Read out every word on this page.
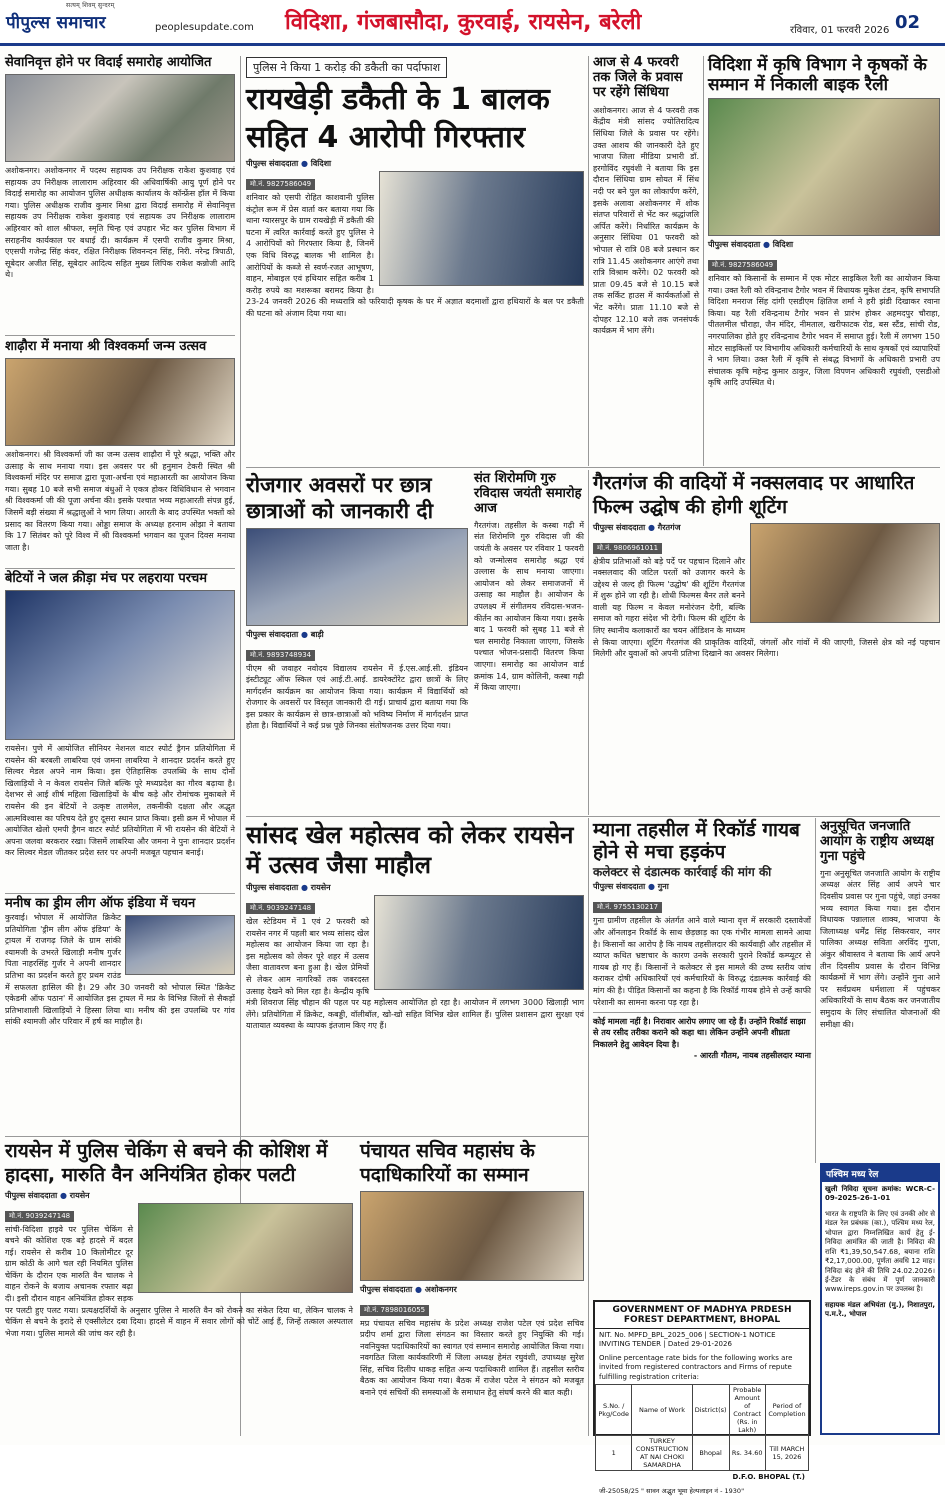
पीपुल्स समाचार
सत्यम् शिवम् सुन्दरम्
peoplesupdate.com विदिशा, गंजबासौदा, कुरवाई, रायसेन, बरेली	रविवार, 01 फरवरी 2026 02
सेवानिवृत्त होने पर विदाई समारोह आयोजित
अशोकनगर। अशोकनगर में पदस्थ सहायक उप निरीक्षक राकेश कुशवाह एवं सहायक उप निरीक्षक लालाराम अहिरवार की अधिवार्षिकी आयु पूर्ण होने पर विदाई समारोह का आयोजन पुलिस अधीक्षक कार्यालय के कॉन्फ्रेंस हॉल में किया गया। पुलिस अधीक्षक राजीव कुमार मिश्रा द्वारा विदाई समारोह में सेवानिवृत्त सहायक उप निरीक्षक राकेश कुशवाह एवं सहायक उप निरीक्षक लालाराम अहिरवार को शाल श्रीफल, स्मृति चिन्ह एवं उपहार भेंट कर पुलिस विभाग में सराहनीय कार्यकाल पर बधाई दी। कार्यक्रम में एसपी राजीव कुमार मिश्रा, एएसपी गजेन्द्र सिंह कंवर, रक्षित निरीक्षक शिवनन्दन सिंह, निरी. नरेन्द्र त्रिपाठी, सूबेदार अजीत सिंह, सूबेदार आदित्य सहित मुख्य लिपिक राकेश कन्नोजी आदि थे।
शाढ़ौरा में मनाया श्री विश्वकर्मा जन्म उत्सव
अशोकनगर। श्री विश्वकर्मा जी का जन्म उत्सव शाढ़ौरा में पूरे श्रद्धा, भक्ति और उत्साह के साथ मनाया गया। इस अवसर पर श्री हनुमान टेकरी स्थित श्री विश्वकर्मा मंदिर पर समाज द्वारा पूजा-अर्चना एवं महाआरती का आयोजन किया गया। सुबह 10 बजे सभी समाज बंधुओं ने एकत्र होकर विधिविधान से भगवान श्री विश्वकर्मा जी की पूजा अर्चना की। इसके पश्चात भव्य महाआरती संपन्न हुई, जिसमें बड़ी संख्या में श्रद्धालुओं ने भाग लिया। आरती के बाद उपस्थित भक्तों को प्रसाद का वितरण किया गया। ओड्डा समाज के अध्यक्ष हरनाम ओझा ने बताया कि 17 सितंबर को पूरे विश्व में श्री विश्वकर्मा भगवान का पूजन दिवस मनाया जाता है।
बेटियों ने जल क्रीड़ा मंच पर लहराया परचम
रायसेन। पुणे में आयोजित सीनियर नेशनल वाटर स्पोर्ट ड्रैगन प्रतियोगिता में रायसेन की बरबली लाबरिया एवं जमना लाबरिया ने शानदार प्रदर्शन करते हुए सिल्वर मेडल अपने नाम किया। इस ऐतिहासिक उपलब्धि के साथ दोनों खिलाड़ियों ने न केवल रायसेन जिले बल्कि पूरे मध्यप्रदेश का गौरव बढ़ाया है। देशभर से आई शीर्ष महिला खिलाड़ियों के बीच कड़े और रोमांचक मुकाबले में रायसेन की इन बेटियों ने उत्कृष्ट तालमेल, तकनीकी दक्षता और अद्भुत आत्मविश्वास का परिचय देते हुए दूसरा स्थान प्राप्त किया। इसी क्रम में भोपाल में आयोजित खेलो एमपी ड्रैगन वाटर स्पोर्ट प्रतियोगिता में भी रायसेन की बेटियों ने अपना जलवा बरकरार रखा। जिसमें लाबरिया और जमना ने पुनः शानदार प्रदर्शन कर सिल्वर मेडल जीतकर प्रदेश स्तर पर अपनी मजबूत पहचान बनाई।
मनीष का ड्रीम लीग ऑफ इंडिया में चयन
कुरवाई। भोपाल में आयोजित क्रिकेट प्रतियोगिता 'ड्रीम लीग ऑफ इंडिया' के ट्रायल में राजगढ़ जिले के ग्राम सांकी श्यामजी के उभरते खिलाड़ी मनीष गुर्जर पिता नाहरसिंह गुर्जर ने अपनी शानदार प्रतिभा का प्रदर्शन करते हुए प्रथम राउंड में सफलता हासिल की है। 29 और 30 जनवरी को भोपाल स्थित 'क्रिकेट एकेडमी ऑफ पठान' में आयोजित इस ट्रायल में मप्र के विभिन्न जिलों से सैकड़ों प्रतिभाशाली खिलाड़ियों ने हिस्सा लिया था। मनीष की इस उपलब्धि पर गांव सांकी श्यामजी और परिवार में हर्ष का माहौल है।
पुलिस ने किया 1 करोड़ की डकैती का पर्दाफाश
रायखेड़ी डकैती के 1 बालक सहित 4 आरोपी गिरफ्तार
पीपुल्स संवाददाता ● विदिशा
मो.नं. 9827586049
शनिवार को एसपी रोहित काशवानी पुलिस कंट्रोल रूम में प्रेस वार्ता कर बताया गया कि थाना ग्यारसपुर के ग्राम रायखेड़ी में डकैती की घटना में त्वरित कार्रवाई करते हुए पुलिस ने 4 आरोपियों को गिरफ्तार किया है, जिनमें एक विधि विरुद्ध बालक भी शामिल है। आरोपियों के कब्जे से स्वर्ण-रजत आभूषण, वाहन, मोबाइल एवं हथियार सहित करीब 1 करोड़ रुपये का मशरूका बरामद किया है। 23-24 जनवरी 2026 की मध्यरात्रि को फरियादी कृषक के घर में अज्ञात बदमाशों द्वारा हथियारों के बल पर डकैती की घटना को अंजाम दिया गया था।
आज से 4 फरवरी तक जिले के प्रवास पर रहेंगे सिंधिया
अशोकनगर। आज से 4 फरवरी तक केंद्रीय मंत्री सांसद ज्योतिरादित्य सिंधिया जिले के प्रवास पर रहेंगे। उक्त आशय की जानकारी देते हुए भाजपा जिला मीडिया प्रभारी डॉ. हरगोविंद रघुवंशी ने बताया कि इस दौरान सिंधिया ग्राम सोयत में सिंध नदी पर बने पुल का लोकार्पण करेंगे, इसके अलावा अशोकनगर में शोक संतप्त परिवारों से भेंट कर श्रद्धांजलि अर्पित करेंगे। निर्धारित कार्यक्रम के अनुसार सिंधिया 01 फरवरी को भोपाल से रात्रि 08 बजे प्रस्थान कर रात्रि 11.45 अशोकनगर आएंगे तथा रात्रि विश्राम करेंगे। 02 फरवरी को प्रातः 09.45 बजे से 10.15 बजे तक सर्किट हाउस में कार्यकर्ताओं से भेंट करेंगे। प्रातः 11.10 बजे से दोपहर 12.10 बजे तक जनसंपर्क कार्यक्रम में भाग लेंगे।
विदिशा में कृषि विभाग ने कृषकों के सम्मान में निकाली बाइक रैली
पीपुल्स संवाददाता ● विदिशा
मो.नं. 9827586049
शनिवार को किसानों के सम्मान में एक मोटर साइकिल रैली का आयोजन किया गया। उक्त रैली को रविन्द्रनाथ टैगोर भवन में विधायक मुकेश टंडन, कृषि सभापति विदिशा मनराज सिंह दांगी एसडीएम क्षितिज शर्मा ने हरी झंडी दिखाकर रवाना किया। यह रैली रविन्द्रनाथ टैगोर भवन से प्रारंभ होकर अहमदपुर चौराहा, पीतलमील चौराहा, जैन मंदिर, नीमताल, खरीफाटक रोड, बस स्टैंड, सांची रोड, नगरपालिका होते हुए रविन्द्रनाथ टैगोर भवन में समाप्त हुई। रैली में लगभग 150 मोटर साइकिलों पर विभागीय अधिकारी कर्मचारियों के साथ कृषकों एवं व्यापारियों ने भाग लिया। उक्त रैली में कृषि से संबद्ध विभागों के अधिकारी प्रभारी उप संचालक कृषि महेन्द्र कुमार ठाकुर, जिला विपणन अधिकारी रघुवंशी, एसडीओ कृषि आदि उपस्थित थे।
रोजगार अवसरों पर छात्र छात्राओं को जानकारी दी
पीपुल्स संवाददाता ● बाड़ी
मो.नं. 9893748934
पीएम श्री जवाहर नवोदय विद्यालय रायसेन में ई.एस.आई.सी. इंडियन इंस्टीट्यूट ऑफ स्किल एवं आई.टी.आई. डायरेक्टोरेट द्वारा छात्रों के लिए मार्गदर्शन कार्यक्रम का आयोजन किया गया। कार्यक्रम में विद्यार्थियों को रोजगार के अवसरों पर विस्तृत जानकारी दी गई। प्राचार्य द्वारा बताया गया कि इस प्रकार के कार्यक्रम से छात्र-छात्राओं को भविष्य निर्माण में मार्गदर्शन प्राप्त होता है। विद्यार्थियों ने कई प्रश्न पूछे जिनका संतोषजनक उत्तर दिया गया।
संत शिरोमणि गुरु रविदास जयंती समारोह आज
गैरतगंज। तहसील के कस्बा गढ़ी में संत शिरोमणि गुरु रविदास जी की जयंती के अवसर पर रविवार 1 फरवरी को जन्मोत्सव समारोह श्रद्धा एवं उल्लास के साथ मनाया जाएगा। आयोजन को लेकर समाजजनों में उत्साह का माहौल है। आयोजन के उपलक्ष्य में संगीतमय रविदास-भजन-कीर्तन का आयोजन किया गया। इसके बाद 1 फरवरी को सुबह 11 बजे से चल समारोह निकाला जाएगा, जिसके पश्चात भोजन-प्रसादी वितरण किया जाएगा। समारोह का आयोजन वार्ड क्रमांक 14, ग्राम कोलिनी, कस्बा गढ़ी में किया जाएगा।
गैरतगंज की वादियों में नक्सलवाद पर आधारित फिल्म उद्घोष की होगी शूटिंग
पीपुल्स संवाददाता ● गैरतगंज
मो.नं. 9806961011
क्षेत्रीय प्रतिभाओं को बड़े पर्दे पर पहचान दिलाने और नक्सलवाद की जटिल परतों को उजागर करने के उद्देश्य से जल्द ही फिल्म 'उद्घोष' की शूटिंग गैरतगंज में शुरू होने जा रही है। शोधी फिल्मस बैनर तले बनने वाली यह फिल्म न केवल मनोरंजन देगी, बल्कि समाज को गहरा संदेश भी देगी। फिल्म की शूटिंग के लिए स्थानीय कलाकारों का चयन ऑडिशन के माध्यम से किया जाएगा। शूटिंग गैरतगंज की प्राकृतिक वादियों, जंगलों और गांवों में की जाएगी, जिससे क्षेत्र को नई पहचान मिलेगी और युवाओं को अपनी प्रतिभा दिखाने का अवसर मिलेगा।
सांसद खेल महोत्सव को लेकर रायसेन में उत्सव जैसा माहौल
पीपुल्स संवाददाता ● रायसेन
मो.नं. 9039247148
खेल स्टेडियम में 1 एवं 2 फरवरी को रायसेन नगर में पहली बार भव्य सांसद खेल महोत्सव का आयोजन किया जा रहा है। इस महोत्सव को लेकर पूरे शहर में उत्सव जैसा वातावरण बना हुआ है। खेल प्रेमियों से लेकर आम नागरिकों तक जबरदस्त उत्साह देखने को मिल रहा है। केन्द्रीय कृषि मंत्री शिवराज सिंह चौहान की पहल पर यह महोत्सव आयोजित हो रहा है। आयोजन में लगभग 3000 खिलाड़ी भाग लेंगे। प्रतियोगिता में क्रिकेट, कबड्डी, वॉलीबॉल, खो-खो सहित विभिन्न खेल शामिल हैं। पुलिस प्रशासन द्वारा सुरक्षा एवं यातायात व्यवस्था के व्यापक इंतजाम किए गए हैं।
म्याना तहसील में रिकॉर्ड गायब होने से मचा हड़कंप
कलेक्टर से दंडात्मक कार्रवाई की मांग की
पीपुल्स संवाददाता ● गुना
मो.नं. 9755130217
गुना ग्रामीण तहसील के अंतर्गत आने वाले म्याना वृत्त में सरकारी दस्तावेजों और ऑनलाइन रिकॉर्ड के साथ छेड़छाड़ का एक गंभीर मामला सामने आया है। किसानों का आरोप है कि नायब तहसीलदार की कार्यवाही और तहसील में व्याप्त कथित भ्रष्टाचार के कारण उनके सरकारी पुराने रिकॉर्ड कम्प्यूटर से गायब हो गए हैं। किसानों ने कलेक्टर से इस मामले की उच्च स्तरीय जांच कराकर दोषी अधिकारियों एवं कर्मचारियों के विरुद्ध दंडात्मक कार्रवाई की मांग की है। पीड़ित किसानों का कहना है कि रिकॉर्ड गायब होने से उन्हें काफी परेशानी का सामना करना पड़ रहा है।
कोई मामला नहीं है। निरावार आरोप लगाए जा रहे हैं। उन्होंने रिकॉर्ड साझा से तय रसीद तरीका कराने को कहा था। लेकिन उन्होंने अपनी शीघ्रता निकालने हेतु आवेदन दिया है।
- आरती गौतम, नायब तहसीलदार म्याना
अनुसूचित जनजाति आयोग के राष्ट्रीय अध्यक्ष गुना पहुंचे
गुना अनुसूचित जनजाति आयोग के राष्ट्रीय अध्यक्ष अंतर सिंह आर्य अपने चार दिवसीय प्रवास पर गुना पहुंचे, जहां उनका भव्य स्वागत किया गया। इस दौरान विधायक पन्नालाल शाक्य, भाजपा के जिलाध्यक्ष धर्मेंद्र सिंह सिकरवार, नगर पालिका अध्यक्ष सविता अरविंद गुप्ता, अंकुर श्रीवास्तव ने बताया कि आर्य अपने तीन दिवसीय प्रवास के दौरान विभिन्न कार्यक्रमों में भाग लेंगे। उन्होंने गुना आने पर सर्वप्रथम धर्मशाला में पहुंचकर अधिकारियों के साथ बैठक कर जनजातीय समुदाय के लिए संचालित योजनाओं की समीक्षा की।
पश्चिम मध्य रेल
खुली निविदा सूचना क्रमांक: WCR-C-09-2025-26-1-01
भारत के राष्ट्रपति के लिए एवं उनकी ओर से मंडल रेल प्रबंधक (का.), पश्चिम मध्य रेल, भोपाल द्वारा निम्नलिखित कार्य हेतु ई-निविदा आमंत्रित की जाती है। निविदा की राशि ₹1,39,50,547.68, बयाना राशि ₹2,17,000.00, पूर्णता अवधि 12 माह। निविदा बंद होने की तिथि 24.02.2026। ई-टेंडर के संबंध में पूर्ण जानकारी www.ireps.gov.in पर उपलब्ध है।
सहायक मंडल अभियंता (मु.), निशातपुरा, प.म.रे., भोपाल
रायसेन में पुलिस चेकिंग से बचने की कोशिश में हादसा, मारुति वैन अनियंत्रित होकर पलटी
पीपुल्स संवाददाता ● रायसेन
मो.नं. 9039247148
सांची-विदिशा हाइवे पर पुलिस चेकिंग से बचने की कोशिश एक बड़े हादसे में बदल गई। रायसेन से करीब 10 किलोमीटर दूर ग्राम कोठी के आगे चल रही नियमित पुलिस चेकिंग के दौरान एक मारुति वैन चालक ने वाहन रोकने के बजाय अचानक रफ्तार बढ़ा दी। इसी दौरान वाहन अनियंत्रित होकर सड़क पर पलटी हुए पलट गया। प्रत्यक्षदर्शियों के अनुसार पुलिस ने मारुति वैन को रोकने का संकेत दिया था, लेकिन चालक ने चेकिंग से बचने के इरादे से एक्सीलेटर दबा दिया। हादसे में वाहन में सवार लोगों को चोटें आई हैं, जिन्हें तत्काल अस्पताल भेजा गया। पुलिस मामले की जांच कर रही है।
पंचायत सचिव महासंघ के पदाधिकारियों का सम्मान
पीपुल्स संवाददाता ● अशोकनगर
मो.नं. 7898016055
मप्र पंचायत सचिव महासंघ के प्रदेश अध्यक्ष राजेश पटेल एवं प्रदेश सचिव प्रदीप शर्मा द्वारा जिला संगठन का विस्तार करते हुए नियुक्ति की गई। नवनियुक्त पदाधिकारियों का स्वागत एवं सम्मान समारोह आयोजित किया गया। नवगठित जिला कार्यकारिणी में जिला अध्यक्ष हेमंत रघुवंशी, उपाध्यक्ष सुरेश सिंह, सचिव दिलीप धाकड़ सहित अन्य पदाधिकारी शामिल हैं। तहसील स्तरीय बैठक का आयोजन किया गया। बैठक में राजेश पटेल ने संगठन को मजबूत बनाने एवं सचिवों की समस्याओं के समाधान हेतु संघर्ष करने की बात कही।
GOVERNMENT OF MADHYA PRDESH FOREST DEPARTMENT, BHOPAL
NIT. No. MPFD_BPL_2025_006 | SECTION-1 NOTICE INVITING TENDER | Dated 29-01-2026
Online percentage rate bids for the following works are invited from registered contractors and Firms of repute fulfilling registration criteria:
S.No. / Pkg/Code	Name of Work	District(s)	Probable Amount of Contract (Rs. in Lakh)	Period of Completion
1	TURKEY CONSTRUCTION AT NAI CHOKI SAMARDHA	Bhopal	Rs. 34.60	Till MARCH 15, 2026
D.F.O. BHOPAL (T.)
जी-25058/25 " सावन अद्भुत भूमा हेल्पलाइन नं - 1930"
